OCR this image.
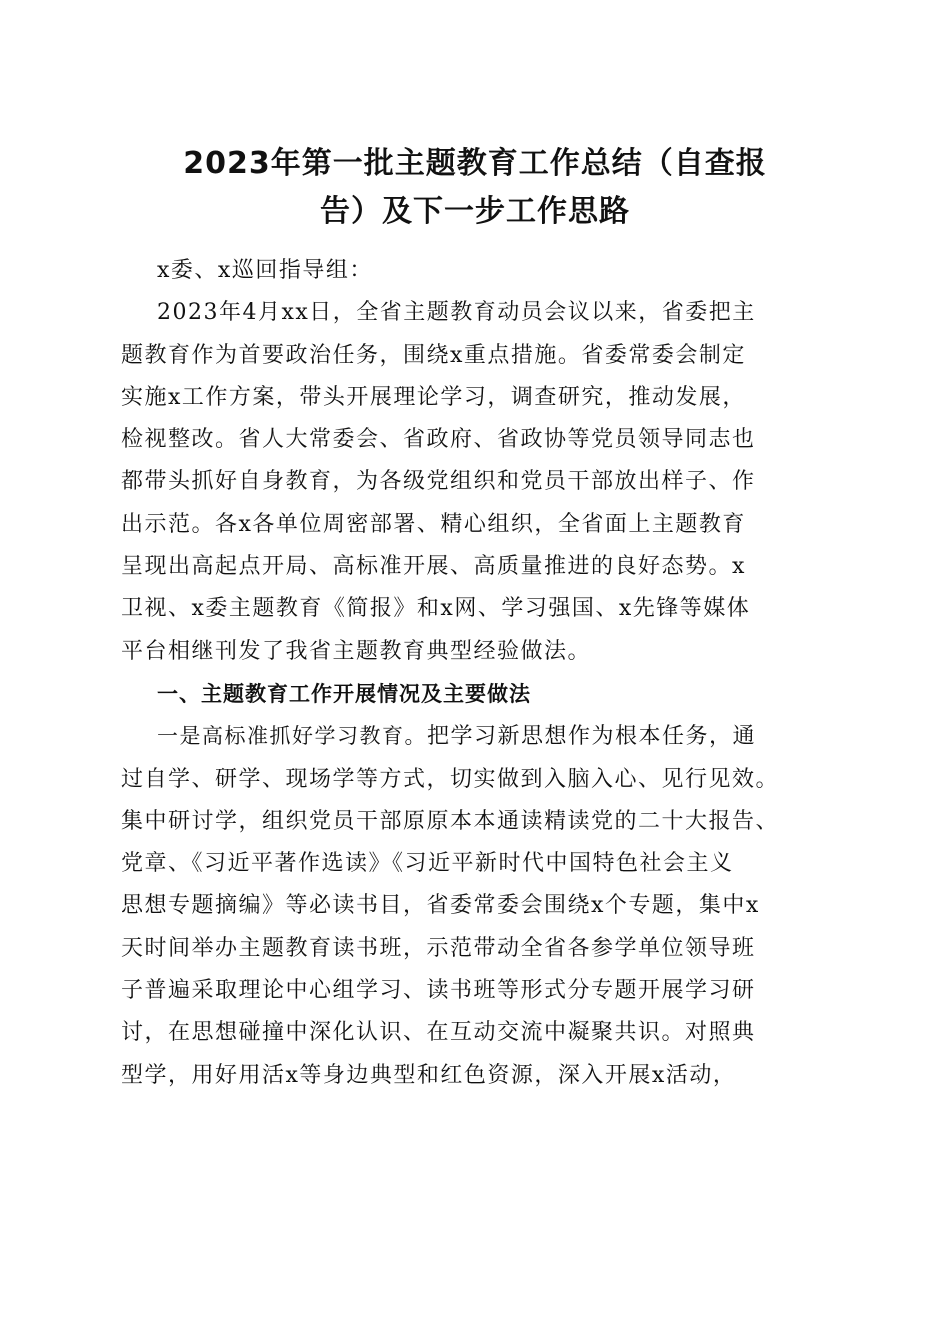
2023年第一批主题教育工作总结（自查报
告）及下一步工作思路
x委、x巡回指导组：
2023年4月xx日，全省主题教育动员会议以来，省委把主
题教育作为首要政治任务，围绕x重点措施。省委常委会制定
实施x工作方案，带头开展理论学习，调查研究，推动发展，
检视整改。省人大常委会、省政府、省政协等党员领导同志也
都带头抓好自身教育，为各级党组织和党员干部放出样子、作
出示范。各x各单位周密部署、精心组织，全省面上主题教育
呈现出高起点开局、高标准开展、高质量推进的良好态势。x
卫视、x委主题教育《简报》和x网、学习强国、x先锋等媒体
平台相继刊发了我省主题教育典型经验做法。
一、主题教育工作开展情况及主要做法
一是高标准抓好学习教育。把学习新思想作为根本任务，通
过自学、研学、现场学等方式，切实做到入脑入心、见行见效。
集中研讨学，组织党员干部原原本本通读精读党的二十大报告、
党章、《习近平著作选读》《习近平新时代中国特色社会主义
思想专题摘编》等必读书目，省委常委会围绕x个专题，集中x
天时间举办主题教育读书班，示范带动全省各参学单位领导班
子普遍采取理论中心组学习、读书班等形式分专题开展学习研
讨，在思想碰撞中深化认识、在互动交流中凝聚共识。对照典
型学，用好用活x等身边典型和红色资源，深入开展x活动，
